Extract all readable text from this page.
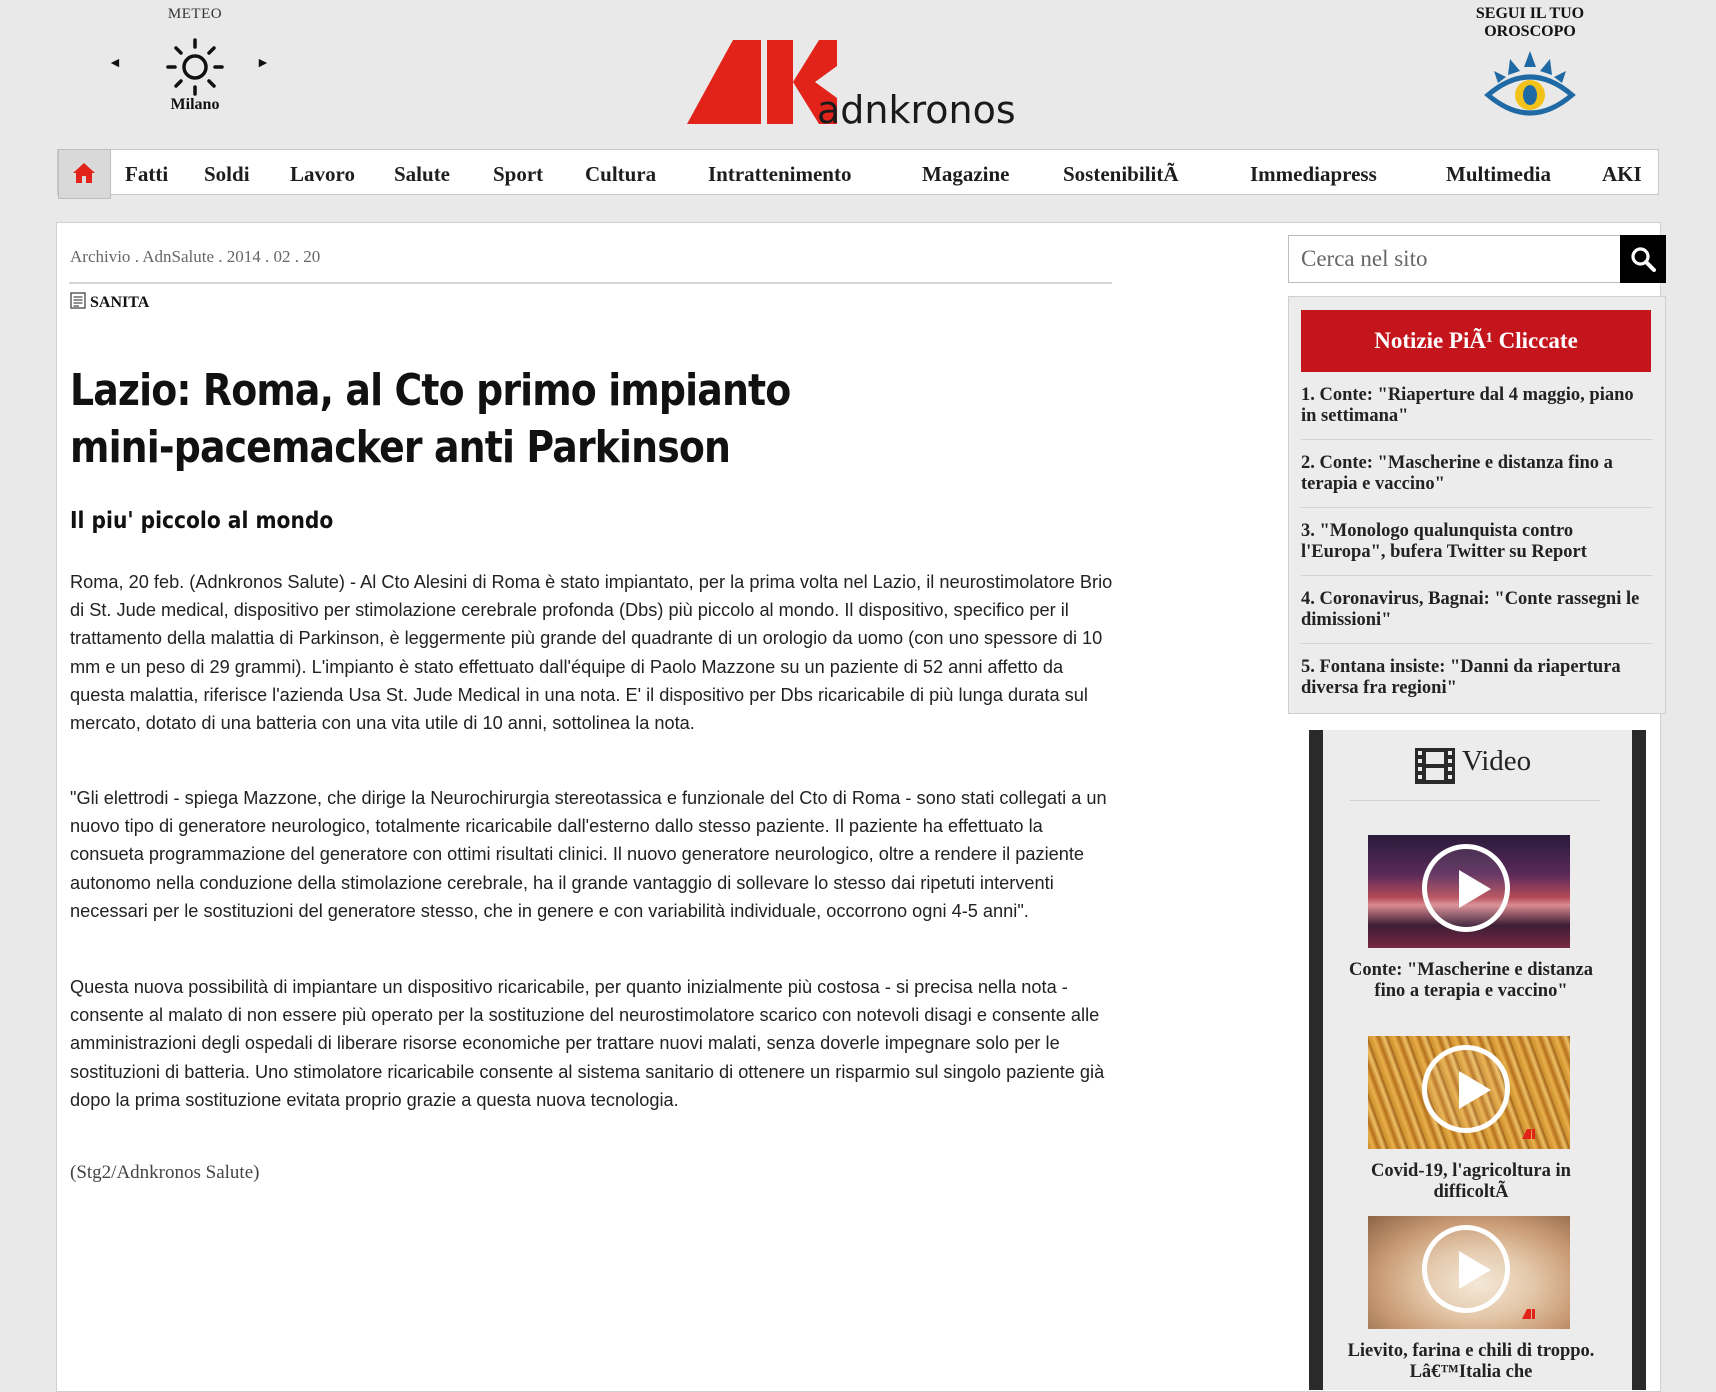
METEO
◄	►
Milano	adnkronos
SEGUI IL TUO
OROSCOPO
Fatti Soldi Lavoro Salute Sport Cultura Intrattenimento	Magazine	SostenibilitÃ	Immediapress	Multimedia AKI
Archivio . AdnSalute . 2014 . 02 . 20
SANITA
Lazio: Roma, al Cto primo impianto mini-pacemacker anti Parkinson
Il piu' piccolo al mondo

Roma, 20 feb. (Adnkronos Salute) - Al Cto Alesini di Roma è stato impiantato, per la prima volta nel Lazio, il neurostimolatore Brio di St. Jude medical, dispositivo per stimolazione cerebrale profonda (Dbs) più piccolo al mondo. Il dispositivo, specifico per il trattamento della malattia di Parkinson, è leggermente più grande del quadrante di un orologio da uomo (con uno spessore di 10 mm e un peso di 29 grammi). L'impianto è stato effettuato dall'équipe di Paolo Mazzone su un paziente di 52 anni affetto da questa malattia, riferisce l'azienda Usa St. Jude Medical in una nota. E' il dispositivo per Dbs ricaricabile di più lunga durata sul mercato, dotato di una batteria con una vita utile di 10 anni, sottolinea la nota.

"Gli elettrodi - spiega Mazzone, che dirige la Neurochirurgia stereotassica e funzionale del Cto di Roma - sono stati collegati a un nuovo tipo di generatore neurologico, totalmente ricaricabile dall'esterno dallo stesso paziente. Il paziente ha effettuato la consueta programmazione del generatore con ottimi risultati clinici. Il nuovo generatore neurologico, oltre a rendere il paziente autonomo nella conduzione della stimolazione cerebrale, ha il grande vantaggio di sollevare lo stesso dai ripetuti interventi necessari per le sostituzioni del generatore stesso, che in genere e con variabilità individuale, occorrono ogni 4-5 anni".

Questa nuova possibilità di impiantare un dispositivo ricaricabile, per quanto inizialmente più costosa - si precisa nella nota - consente al malato di non essere più operato per la sostituzione del neurostimolatore scarico con notevoli disagi e consente alle amministrazioni degli ospedali di liberare risorse economiche per trattare nuovi malati, senza doverle impegnare solo per le sostituzioni di batteria. Uno stimolatore ricaricabile consente al sistema sanitario di ottenere un risparmio sul singolo paziente già dopo la prima sostituzione evitata proprio grazie a questa nuova tecnologia.

(Stg2/Adnkronos Salute)
Cerca nel sito
Notizie PiÃ¹ Cliccate
1. Conte: "Riaperture dal 4 maggio, piano in settimana"
2. Conte: "Mascherine e distanza fino a terapia e vaccino"
3. "Monologo qualunquista contro l'Europa", bufera Twitter su Report
4. Coronavirus, Bagnai: "Conte rassegni le dimissioni"
5. Fontana insiste: "Danni da riapertura diversa fra regioni"
Video
Conte: "Mascherine e distanza fino a terapia e vaccino"
Covid-19, l'agricoltura in difficoltÃ
Lievito, farina e chili di troppo. Lâ€™Italia che
